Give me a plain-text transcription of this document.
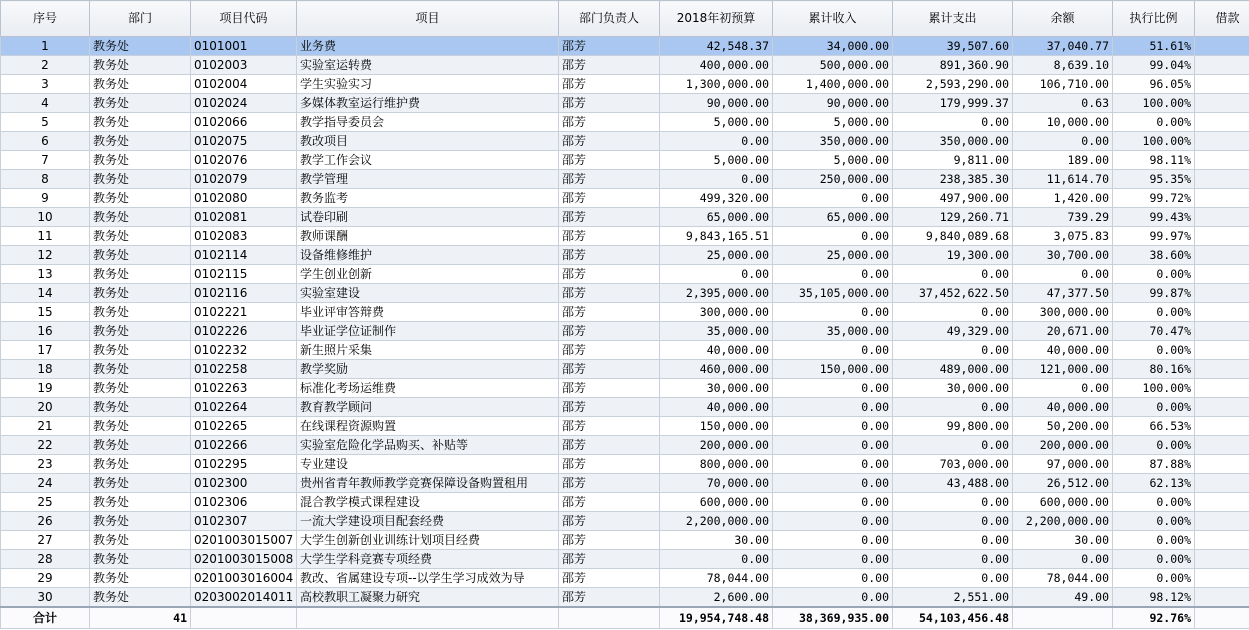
序号	部门	项目代码	项目	部门负责人	2018年初预算	累计收入	累计支出	余额	执行比例	借款
1	教务处	0101001	业务费	邵芳	42,548.37	34,000.00	39,507.60	37,040.77	51.61%	
2	教务处	0102003	实验室运转费	邵芳	400,000.00	500,000.00	891,360.90	8,639.10	99.04%	
3	教务处	0102004	学生实验实习	邵芳	1,300,000.00	1,400,000.00	2,593,290.00	106,710.00	96.05%	
4	教务处	0102024	多媒体教室运行维护费	邵芳	90,000.00	90,000.00	179,999.37	0.63	100.00%	
5	教务处	0102066	教学指导委员会	邵芳	5,000.00	5,000.00	0.00	10,000.00	0.00%	
6	教务处	0102075	教改项目	邵芳	0.00	350,000.00	350,000.00	0.00	100.00%	
7	教务处	0102076	教学工作会议	邵芳	5,000.00	5,000.00	9,811.00	189.00	98.11%	
8	教务处	0102079	教学管理	邵芳	0.00	250,000.00	238,385.30	11,614.70	95.35%	
9	教务处	0102080	教务监考	邵芳	499,320.00	0.00	497,900.00	1,420.00	99.72%	
10	教务处	0102081	试卷印刷	邵芳	65,000.00	65,000.00	129,260.71	739.29	99.43%	
11	教务处	0102083	教师课酬	邵芳	9,843,165.51	0.00	9,840,089.68	3,075.83	99.97%	
12	教务处	0102114	设备维修维护	邵芳	25,000.00	25,000.00	19,300.00	30,700.00	38.60%	
13	教务处	0102115	学生创业创新	邵芳	0.00	0.00	0.00	0.00	0.00%	
14	教务处	0102116	实验室建设	邵芳	2,395,000.00	35,105,000.00	37,452,622.50	47,377.50	99.87%	
15	教务处	0102221	毕业评审答辩费	邵芳	300,000.00	0.00	0.00	300,000.00	0.00%	
16	教务处	0102226	毕业证学位证制作	邵芳	35,000.00	35,000.00	49,329.00	20,671.00	70.47%	
17	教务处	0102232	新生照片采集	邵芳	40,000.00	0.00	0.00	40,000.00	0.00%	
18	教务处	0102258	教学奖励	邵芳	460,000.00	150,000.00	489,000.00	121,000.00	80.16%	
19	教务处	0102263	标准化考场运维费	邵芳	30,000.00	0.00	30,000.00	0.00	100.00%	
20	教务处	0102264	教育教学顾问	邵芳	40,000.00	0.00	0.00	40,000.00	0.00%	
21	教务处	0102265	在线课程资源购置	邵芳	150,000.00	0.00	99,800.00	50,200.00	66.53%	
22	教务处	0102266	实验室危险化学品购买、补贴等	邵芳	200,000.00	0.00	0.00	200,000.00	0.00%	
23	教务处	0102295	专业建设	邵芳	800,000.00	0.00	703,000.00	97,000.00	87.88%	
24	教务处	0102300	贵州省青年教师教学竞赛保障设备购置租用	邵芳	70,000.00	0.00	43,488.00	26,512.00	62.13%	
25	教务处	0102306	混合教学模式课程建设	邵芳	600,000.00	0.00	0.00	600,000.00	0.00%	
26	教务处	0102307	一流大学建设项目配套经费	邵芳	2,200,000.00	0.00	0.00	2,200,000.00	0.00%	
27	教务处	0201003015007	大学生创新创业训练计划项目经费	邵芳	30.00	0.00	0.00	30.00	0.00%	
28	教务处	0201003015008	大学生学科竞赛专项经费	邵芳	0.00	0.00	0.00	0.00	0.00%	
29	教务处	0201003016004	教改、省属建设专项--以学生学习成效为导	邵芳	78,044.00	0.00	0.00	78,044.00	0.00%	
30	教务处	0203002014011	高校教职工凝聚力研究	邵芳	2,600.00	0.00	2,551.00	49.00	98.12%	
合计	41				19,954,748.48	38,369,935.00	54,103,456.48		92.76%	
